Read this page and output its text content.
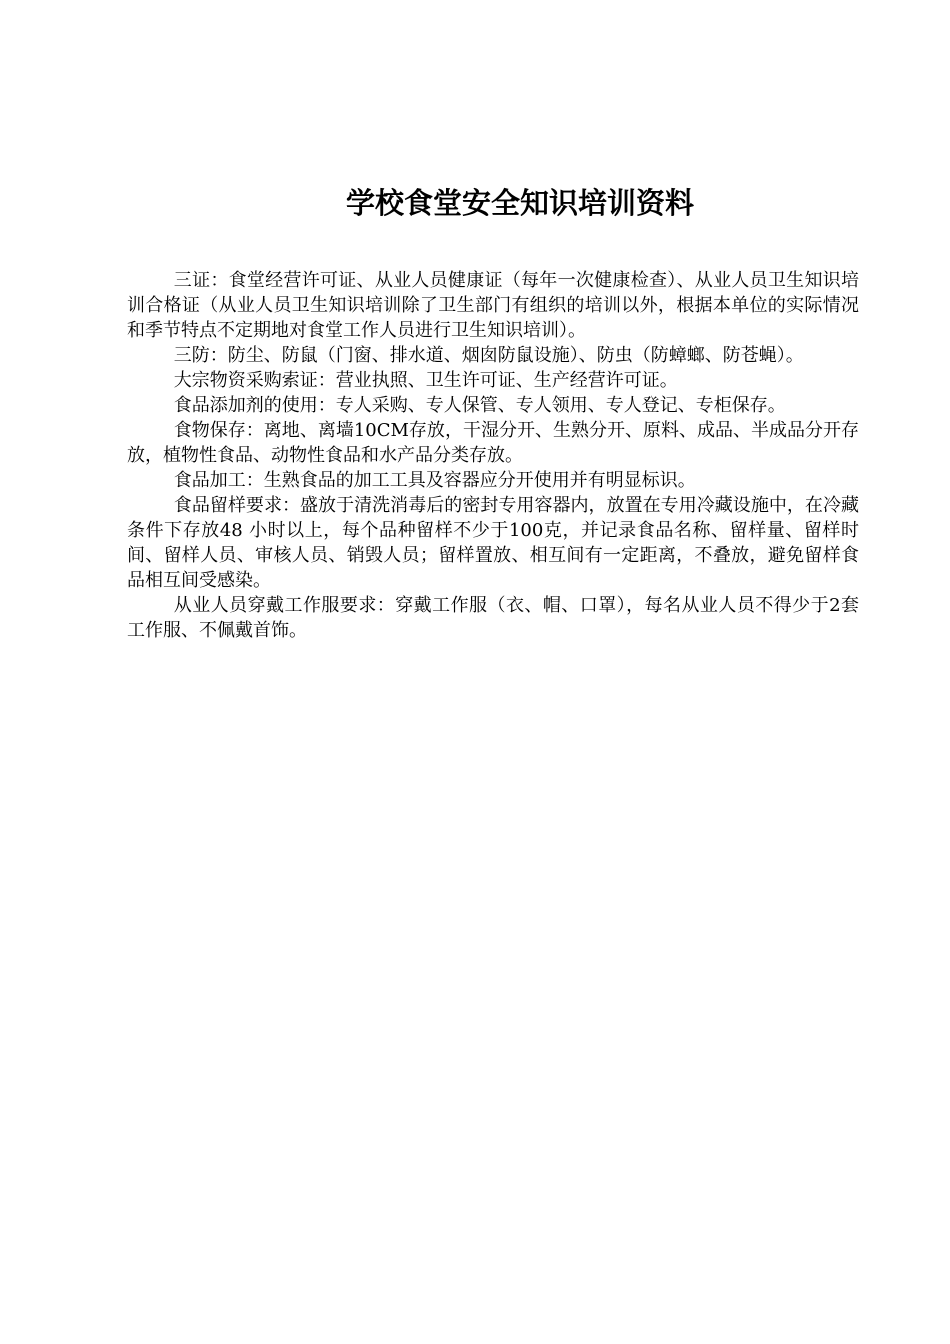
学校食堂安全知识培训资料

三证：食堂经营许可证、从业人员健康证（每年一次健康检查）、从业人员卫生知识培训合格证（从业人员卫生知识培训除了卫生部门有组织的培训以外，根据本单位的实际情况和季节特点不定期地对食堂工作人员进行卫生知识培训）。

三防：防尘、防鼠（门窗、排水道、烟囱防鼠设施）、防虫（防蟑螂、防苍蝇）。

大宗物资采购索证：营业执照、卫生许可证、生产经营许可证。

食品添加剂的使用：专人采购、专人保管、专人领用、专人登记、专柜保存。

食物保存：离地、离墙10CM存放，干湿分开、生熟分开、原料、成品、半成品分开存放，植物性食品、动物性食品和水产品分类存放。

食品加工：生熟食品的加工工具及容器应分开使用并有明显标识。

食品留样要求：盛放于清洗消毒后的密封专用容器内，放置在专用冷藏设施中，在冷藏条件下存放48 小时以上，每个品种留样不少于100克，并记录食品名称、留样量、留样时间、留样人员、审核人员、销毁人员；留样置放、相互间有一定距离，不叠放，避免留样食品相互间受感染。

从业人员穿戴工作服要求：穿戴工作服（衣、帽、口罩），每名从业人员不得少于2套工作服、不佩戴首饰。
